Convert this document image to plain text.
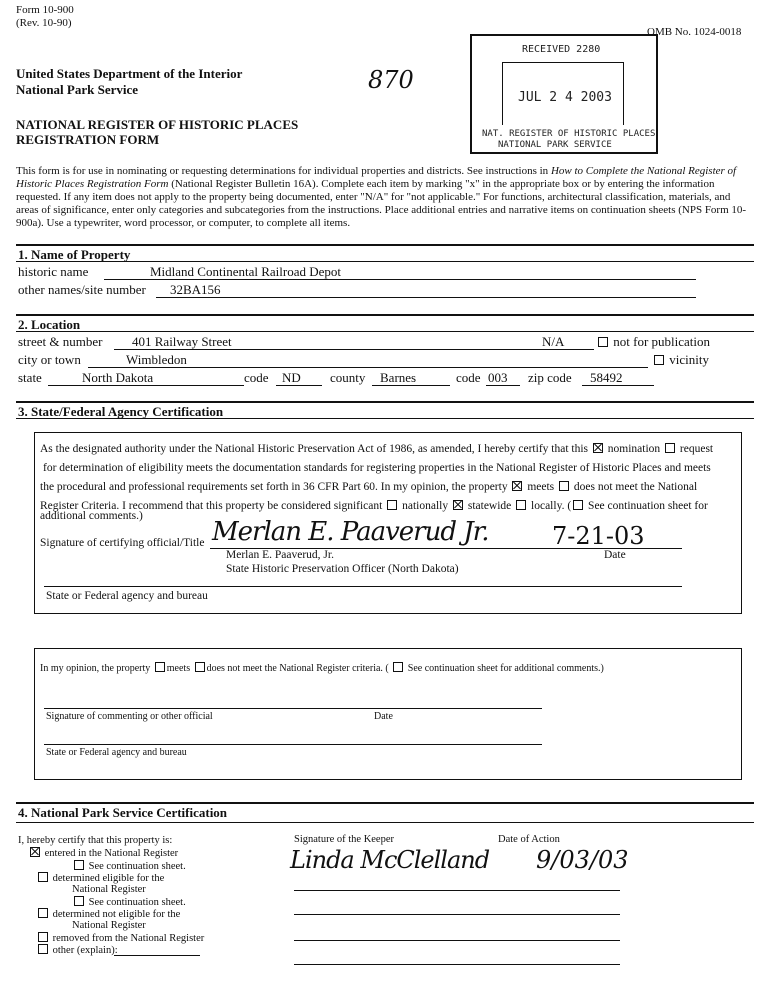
Form 10-900
(Rev. 10-90)
OMB No. 1024-0018
United States Department of the Interior
National Park Service	870
NATIONAL REGISTER OF HISTORIC PLACES
REGISTRATION FORM
RECEIVED 2280
JUL 2 4 2003
NAT. REGISTER OF HISTORIC PLACES
NATIONAL PARK SERVICE
This form is for use in nominating or requesting determinations for individual properties and districts. See instructions in How to Complete the National Register of Historic Places Registration Form (National Register Bulletin 16A). Complete each item by marking "x" in the appropriate box or by entering the information requested. If any item does not apply to the property being documented, enter "N/A" for "not applicable." For functions, architectural classification, materials, and areas of significance, enter only categories and subcategories from the instructions. Place additional entries and narrative items on continuation sheets (NPS Form 10-900a). Use a typewriter, word processor, or computer, to complete all items.
1. Name of Property
historic name	Midland Continental Railroad Depot
other names/site number	32BA156
2. Location
street & number	401 Railway Street	N/A	not for publication
city or town	Wimbledon	vicinity
state	North Dakota	code	ND	county	Barnes	code 003	zip code	58492
3. State/Federal Agency Certification
As the designated authority under the National Historic Preservation Act of 1986, as amended, I hereby certify that this nomination request
for determination of eligibility meets the documentation standards for registering properties in the National Register of Historic Places and meets
the procedural and professional requirements set forth in 36 CFR Part 60. In my opinion, the property meets does not meet the National
Register Criteria. I recommend that this property be considered significant nationally statewide locally. ( See continuation sheet for
additional comments.)
Signature of certifying official/Title Merlan E. Paaverud Jr.	7-21-03
Date
Merlan E. Paaverud, Jr.
State Historic Preservation Officer (North Dakota)
State or Federal agency and bureau
In my opinion, the property meets does not meet the National Register criteria. ( See continuation sheet for additional comments.)
Signature of commenting or other official	Date
State or Federal agency and bureau
4. National Park Service Certification
I, hereby certify that this property is:
entered in the National Register
See continuation sheet.
determined eligible for the
National Register
See continuation sheet.
determined not eligible for the
National Register
removed from the National Register
other (explain):
Signature of the Keeper	Date of Action
Linda McClelland 9/03/03
